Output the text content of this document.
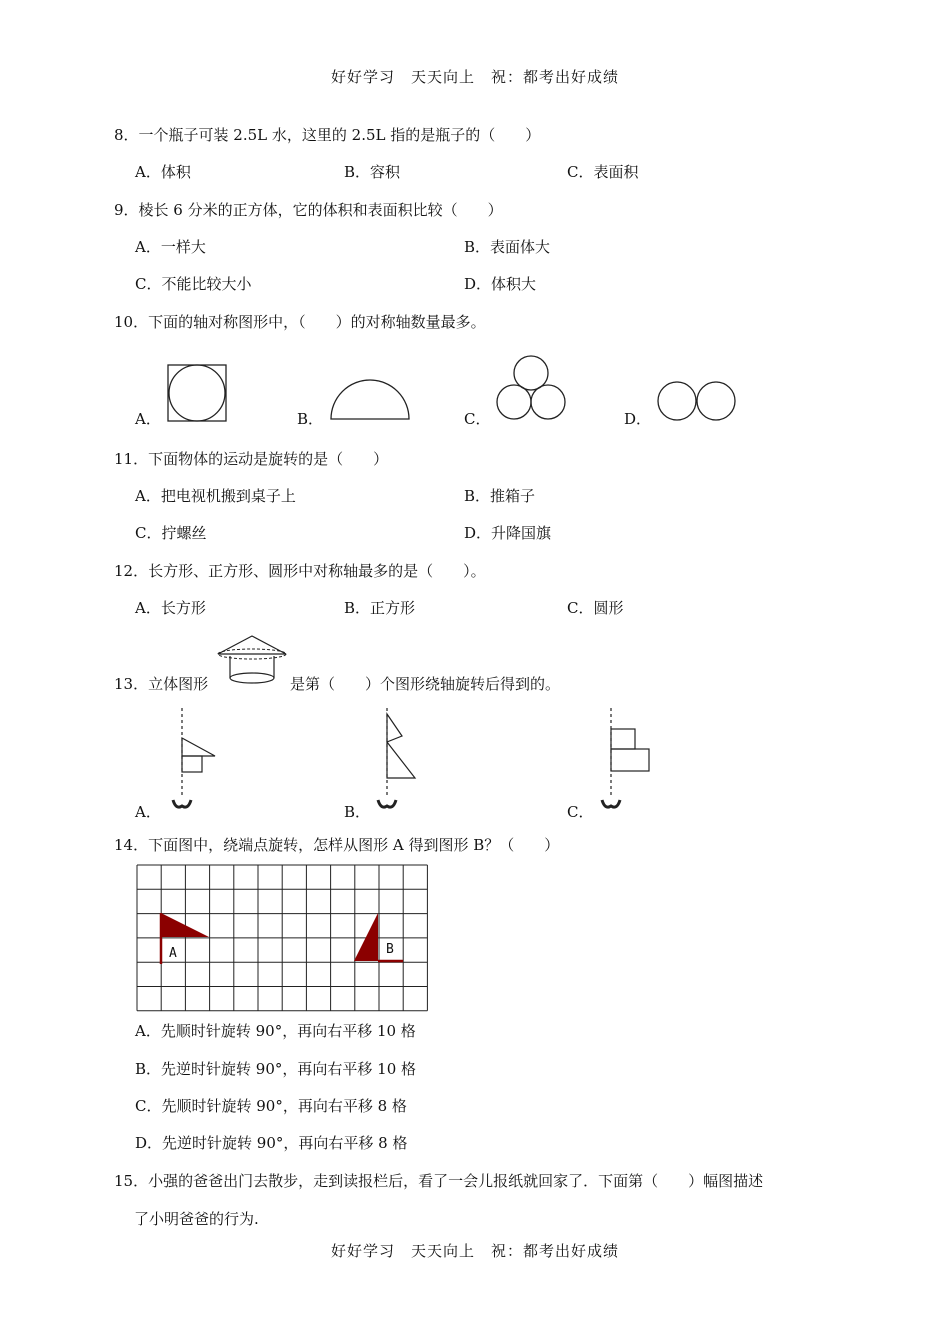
好好学习　天天向上　祝：都考出好成绩
8．一个瓶子可装 2.5L 水，这里的 2.5L 指的是瓶子的（　　）
A．体积	B．容积	C．表面积
9．棱长 6 分米的正方体，它的体积和表面积比较（　　）
A．一样大	B．表面体大
C．不能比较大小	D．体积大
10．下面的轴对称图形中，（　　）的对称轴数量最多。
A．	B．	C．	D．
11．下面物体的运动是旋转的是（　　）
A．把电视机搬到桌子上	B．推箱子
C．拧螺丝	D．升降国旗
12．长方形、正方形、圆形中对称轴最多的是（　　）。
A．长方形	B．正方形	C．圆形
13．立体图形	是第（　　）个图形绕轴旋转后得到的。
A．	B．	C．
14．下面图中，绕端点旋转，怎样从图形 A 得到图形 B？（　　）
A	B
A．先顺时针旋转 90°，再向右平移 10 格
B．先逆时针旋转 90°，再向右平移 10 格
C．先顺时针旋转 90°，再向右平移 8 格
D．先逆时针旋转 90°，再向右平移 8 格
15．小强的爸爸出门去散步，走到读报栏后，看了一会儿报纸就回家了．下面第（　　）幅图描述
了小明爸爸的行为.
好好学习　天天向上　祝：都考出好成绩
